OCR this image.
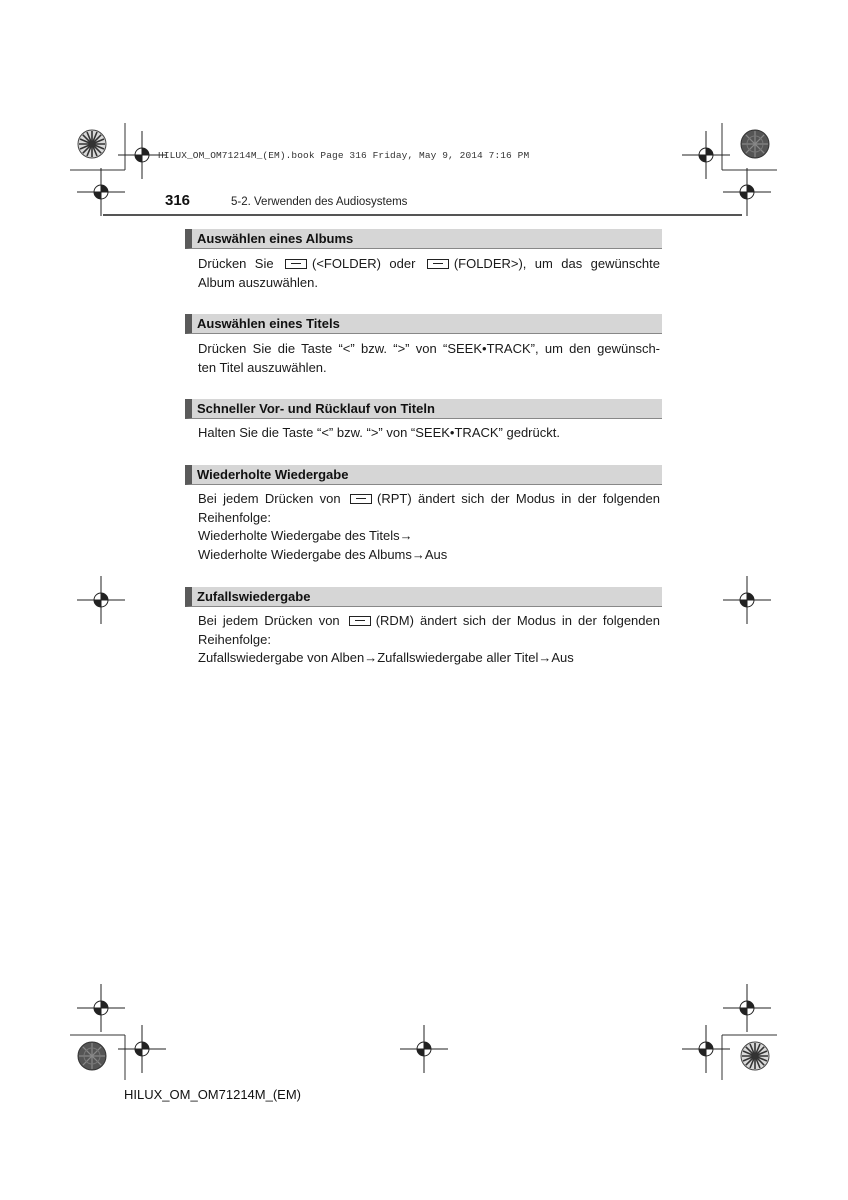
HILUX_OM_OM71214M_(EM).book Page 316 Friday, May 9, 2014 7:16 PM
316	5-2. Verwenden des Audiosystems
Auswählen eines Albums
Drücken Sie	(<FOLDER) oder	(FOLDER>), um das gewünschte
Album auszuwählen.
Auswählen eines Titels
Drücken Sie die Taste “<” bzw. “>” von “SEEK•TRACK”, um den gewünsch-
ten Titel auszuwählen.
Schneller Vor- und Rücklauf von Titeln
Halten Sie die Taste “<” bzw. “>” von “SEEK•TRACK” gedrückt.
Wiederholte Wiedergabe
Bei jedem Drücken von	(RPT) ändert sich der Modus in der folgenden
Reihenfolge:
Wiederholte Wiedergabe des Titels→
Wiederholte Wiedergabe des Albums→Aus
Zufallswiedergabe
Bei jedem Drücken von	(RDM) ändert sich der Modus in der folgenden
Reihenfolge:
Zufallswiedergabe von Alben→Zufallswiedergabe aller Titel→Aus
HILUX_OM_OM71214M_(EM)
